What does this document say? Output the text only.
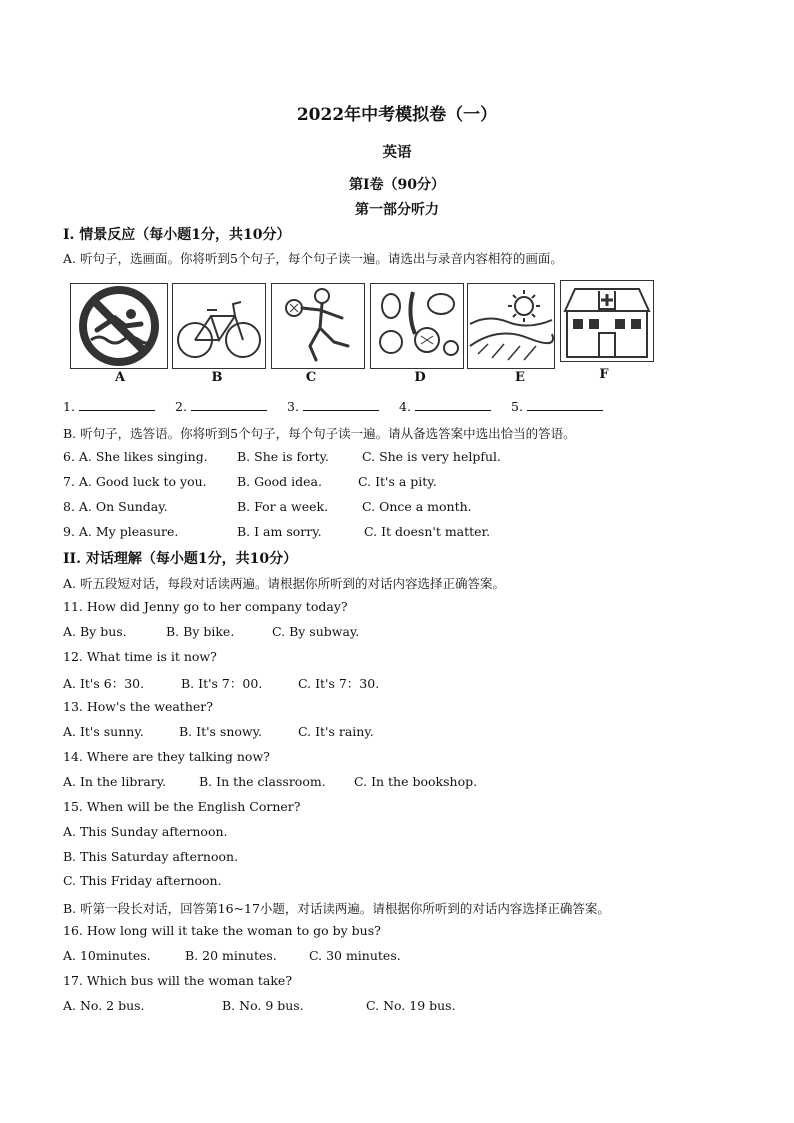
2022年中考模拟卷（一）
英语
第I卷（90分）
第一部分听力
I. 情景反应（每小题1分，共10分）
A. 听句子，选画面。你将听到5个句子，每个句子读一遍。请选出与录音内容相符的画面。
A	B	C	D	E	F
1.	2.	3.	4.	5.
B. 听句子，选答语。你将听到5个句子，每个句子读一遍。请从备选答案中选出恰当的答语。
6. A. She likes singing. B. She is forty.	C. She is very helpful.
7. A. Good luck to you. B. Good idea.	C. It's a pity.
8. A. On Sunday.	B. For a week.	C. Once a month.
9. A. My pleasure.	B. I am sorry.	C. It doesn't matter.
II. 对话理解（每小题1分，共10分）
A. 听五段短对话，每段对话读两遍。请根据你所听到的对话内容选择正确答案。
11. How did Jenny go to her company today?
A. By bus.	B. By bike.	C. By subway.
12. What time is it now?
A. It's 6：30.	B. It's 7：00.	C. It's 7：30.
13. How's the weather?
A. It's sunny.	B. It's snowy.	C. It's rainy.
14. Where are they talking now?
A. In the library.	B. In the classroom. C. In the bookshop.
15. When will be the English Corner?
A. This Sunday afternoon.
B. This Saturday afternoon.
C. This Friday afternoon.
B. 听第一段长对话，回答第16~17小题，对话读两遍。请根据你所听到的对话内容选择正确答案。
16. How long will it take the woman to go by bus?
A. 10minutes.	B. 20 minutes.	C. 30 minutes.
17. Which bus will the woman take?
A. No. 2 bus.	B. No. 9 bus.	C. No. 19 bus.
